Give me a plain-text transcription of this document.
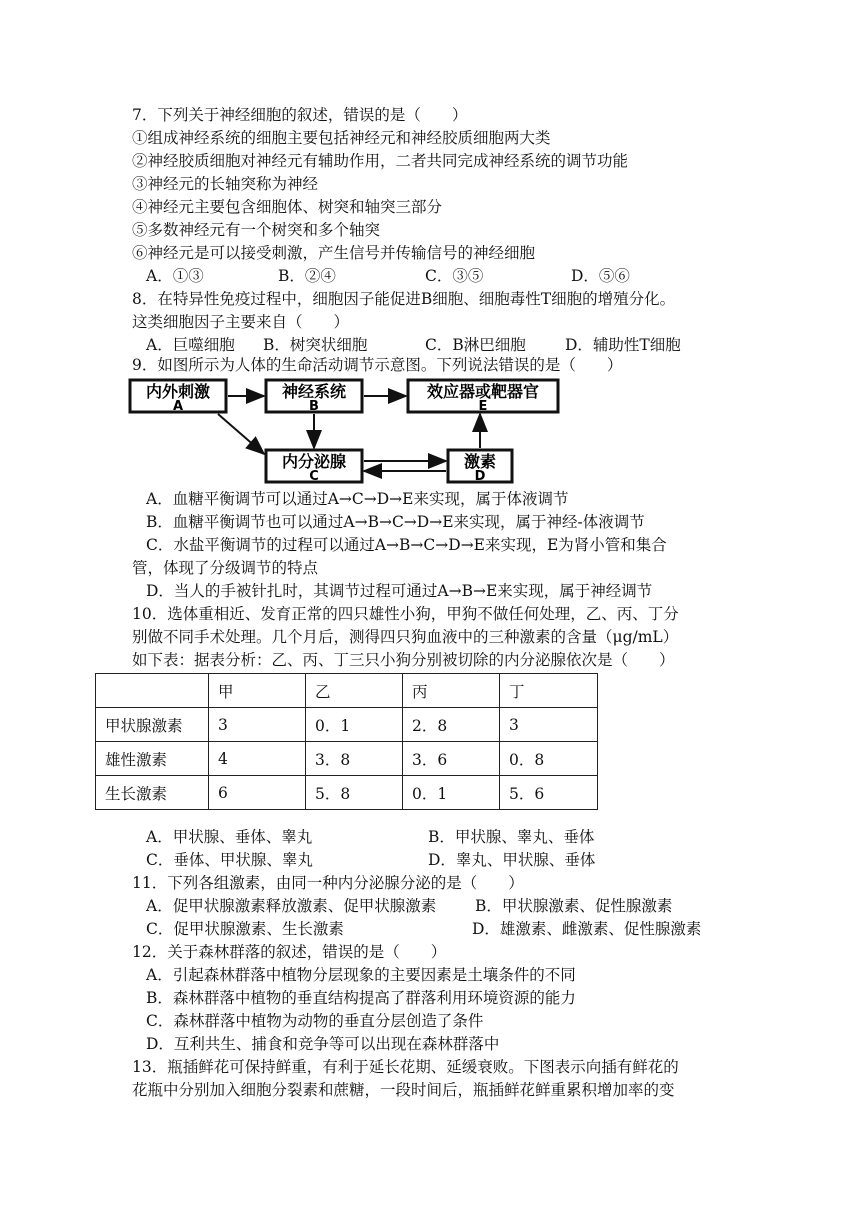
7．下列关于神经细胞的叙述，错误的是（　　）
①组成神经系统的细胞主要包括神经元和神经胶质细胞两大类
②神经胶质细胞对神经元有辅助作用，二者共同完成神经系统的调节功能
③神经元的长轴突称为神经
④神经元主要包含细胞体、树突和轴突三部分
⑤多数神经元有一个树突和多个轴突
⑥神经元是可以接受刺激，产生信号并传输信号的神经细胞
A．①③	B．②④	C．③⑤	D．⑤⑥
8．在特异性免疫过程中，细胞因子能促进B细胞、细胞毒性T细胞的增殖分化。
这类细胞因子主要来自（　　）
A．巨噬细胞 B．树突状细胞	C．B淋巴细胞	D．辅助性T细胞
9．如图所示为人体的生命活动调节示意图。下列说法错误的是（　　）
内外刺激
A
神经系统
B
效应器或靶器官
E
内分泌腺
C
激素
D
A．血糖平衡调节可以通过A→C→D→E来实现，属于体液调节
B．血糖平衡调节也可以通过A→B→C→D→E来实现，属于神经-体液调节
C．水盐平衡调节的过程可以通过A→B→C→D→E来实现，E为肾小管和集合
管，体现了分级调节的特点
D．当人的手被针扎时，其调节过程可通过A→B→E来实现，属于神经调节
10．选体重相近、发育正常的四只雄性小狗，甲狗不做任何处理，乙、丙、丁分
别做不同手术处理。几个月后，测得四只狗血液中的三种激素的含量（μg/mL）
如下表：据表分析：乙、丙、丁三只小狗分别被切除的内分泌腺依次是（　　）
	甲	乙	丙	丁
甲状腺激素	3	0．1	2．8	3
雄性激素	4	3．8	3．6	0．8
生长激素	6	5．8	0．1	5．6
A．甲状腺、垂体、睾丸	B．甲状腺、睾丸、垂体
C．垂体、甲状腺、睾丸	D．睾丸、甲状腺、垂体
11．下列各组激素，由同一种内分泌腺分泌的是（　　）
A．促甲状腺激素释放激素、促甲状腺激素	B．甲状腺激素、促性腺激素
C．促甲状腺激素、生长激素	D．雄激素、雌激素、促性腺激素
12．关于森林群落的叙述，错误的是（　　）
A．引起森林群落中植物分层现象的主要因素是土壤条件的不同
B．森林群落中植物的垂直结构提高了群落利用环境资源的能力
C．森林群落中植物为动物的垂直分层创造了条件
D．互利共生、捕食和竞争等可以出现在森林群落中
13．瓶插鲜花可保持鲜重，有利于延长花期、延缓衰败。下图表示向插有鲜花的
花瓶中分别加入细胞分裂素和蔗糖，一段时间后，瓶插鲜花鲜重累积增加率的变
